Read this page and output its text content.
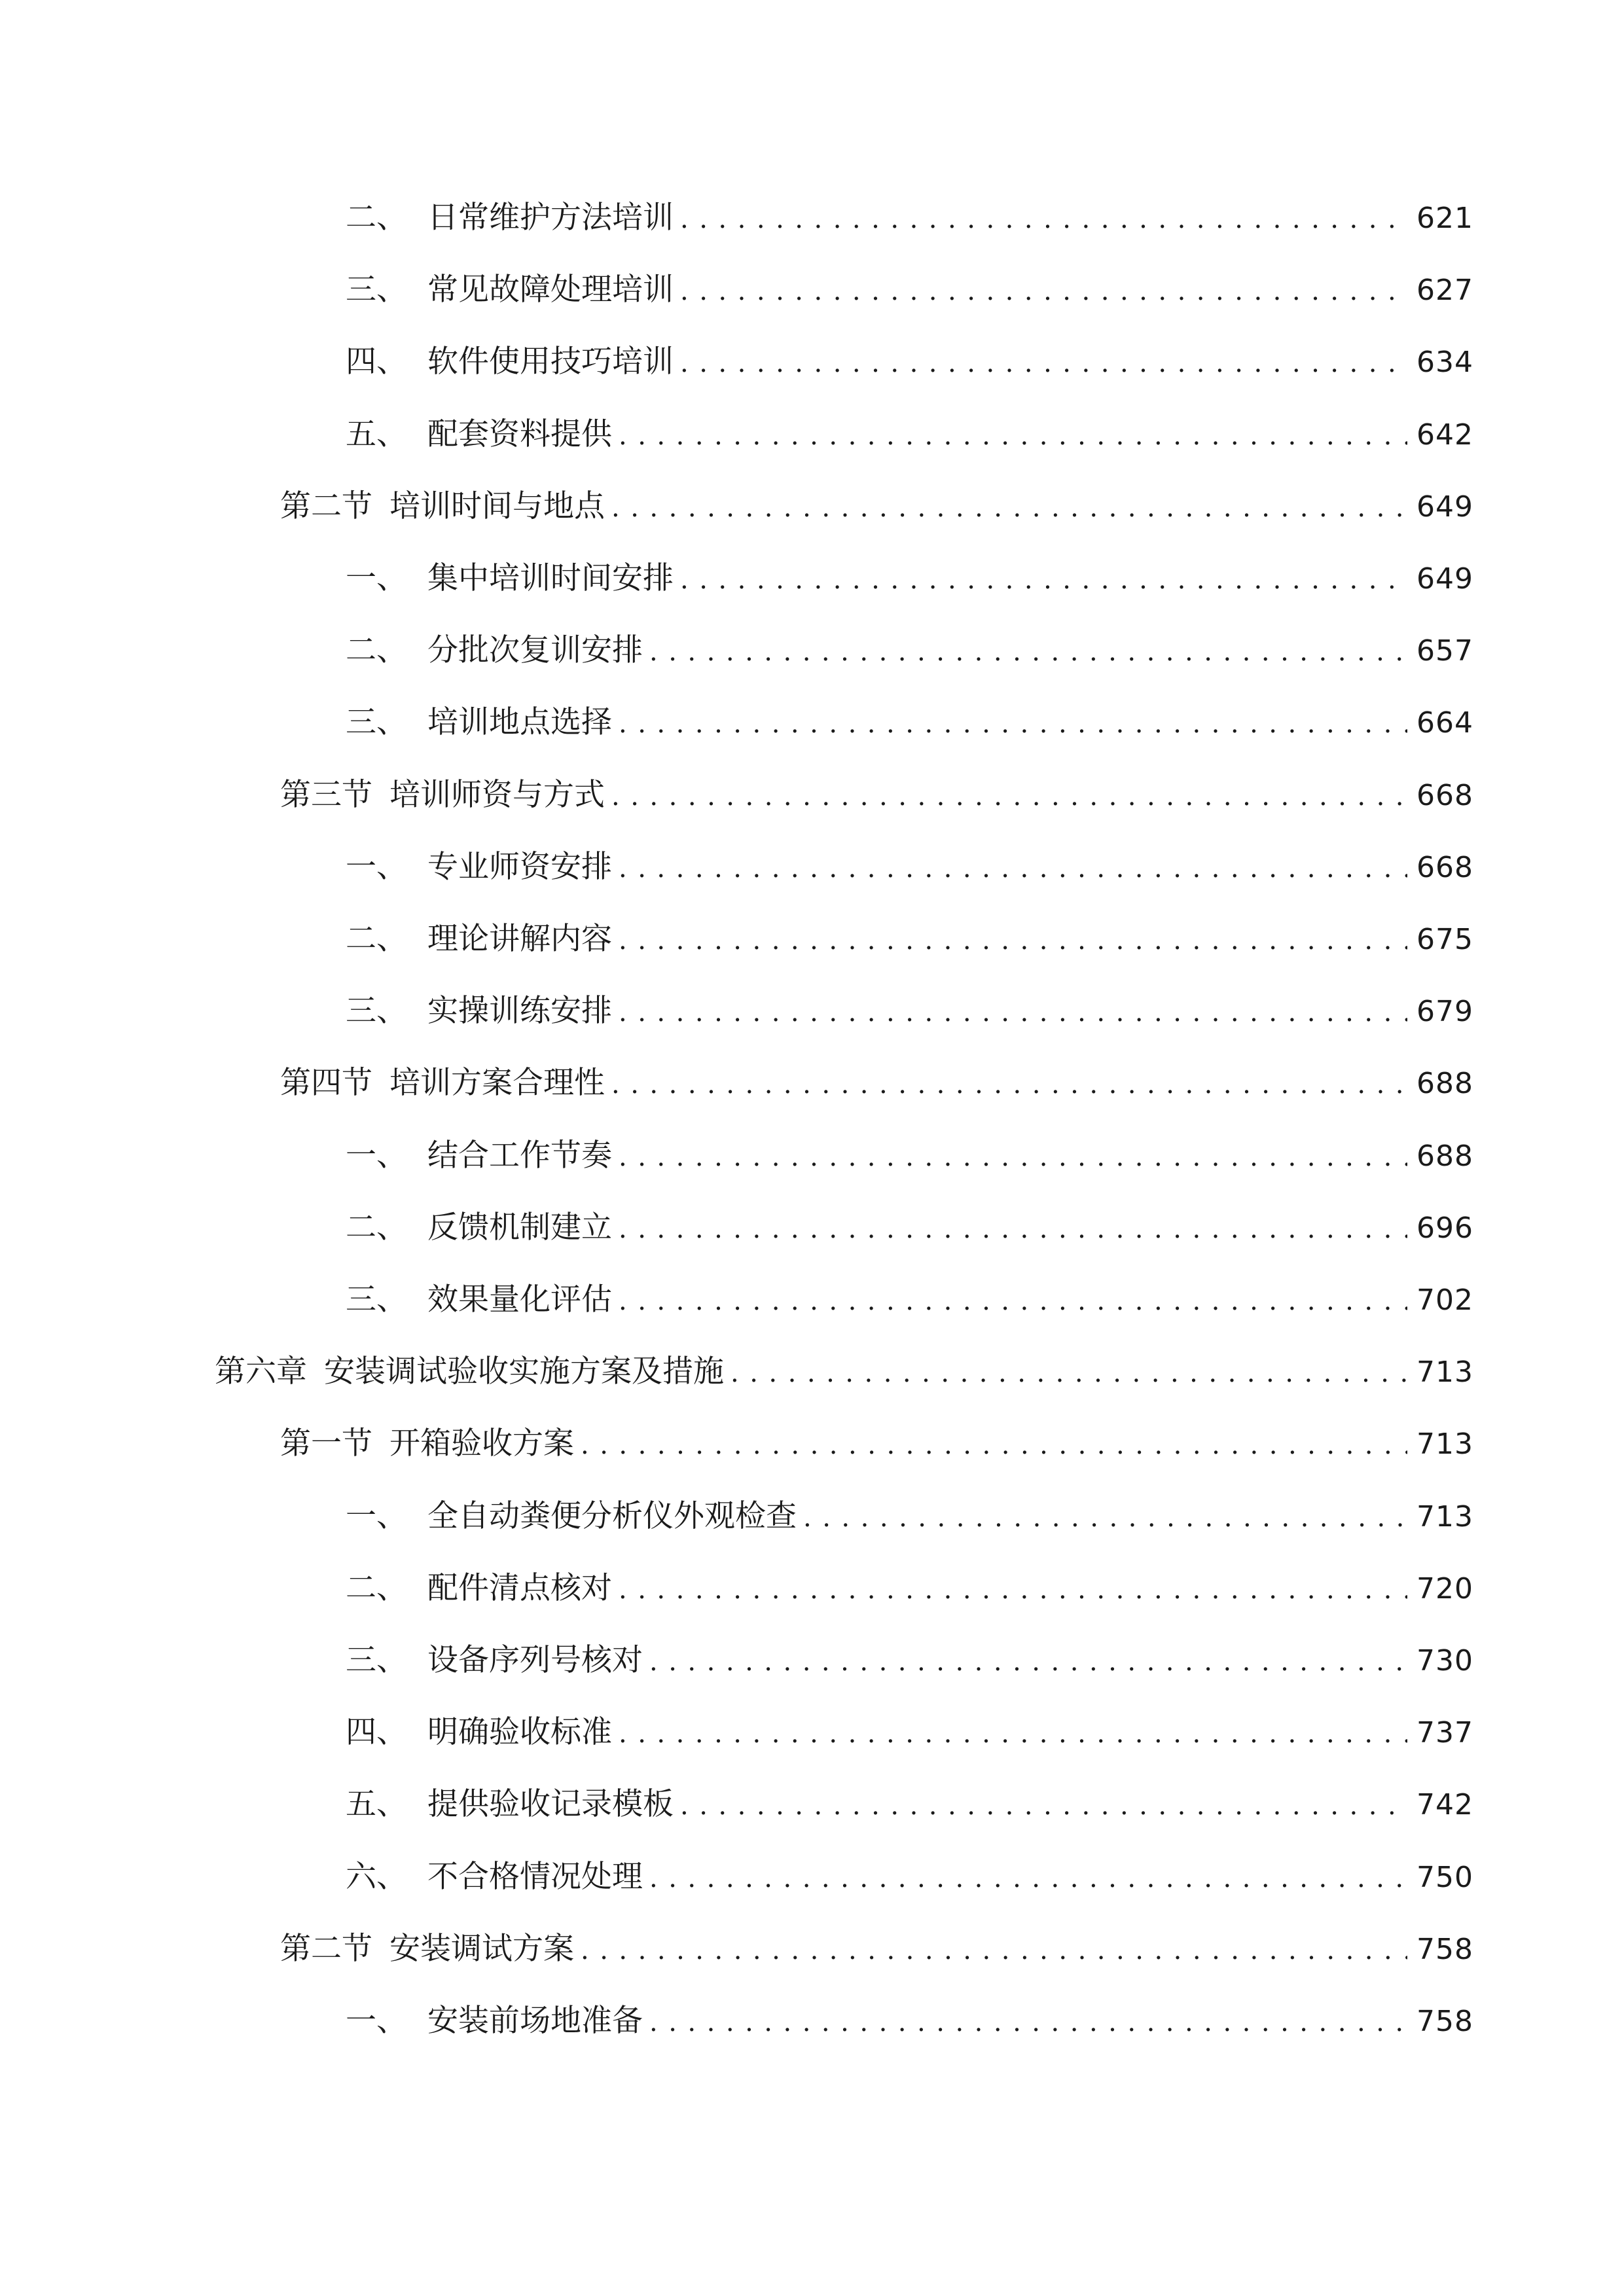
二、 日常维护方法培训 .....	621
三、 常见故障处理培训 .....	627
四、 软件使用技巧培训 .....	634
五、 配套资料提供 .....	642
第二节 培训时间与地点 .....	649
一、 集中培训时间安排 .....	649
二、 分批次复训安排 .....	657
三、 培训地点选择 .....	664
第三节 培训师资与方式 .....	668
一、 专业师资安排 .....	668
二、 理论讲解内容 .....	675
三、 实操训练安排 .....	679
第四节 培训方案合理性 .....	688
一、 结合工作节奏 .....	688
二、 反馈机制建立 .....	696
三、 效果量化评估 .....	702
第六章 安装调试验收实施方案及措施 .....	713
第一节 开箱验收方案 .....	713
一、 全自动粪便分析仪外观检查 .....	713
二、 配件清点核对 .....	720
三、 设备序列号核对 .....	730
四、 明确验收标准 .....	737
五、 提供验收记录模板 .....	742
六、 不合格情况处理 .....	750
第二节 安装调试方案 .....	758
一、 安装前场地准备 .....	758
